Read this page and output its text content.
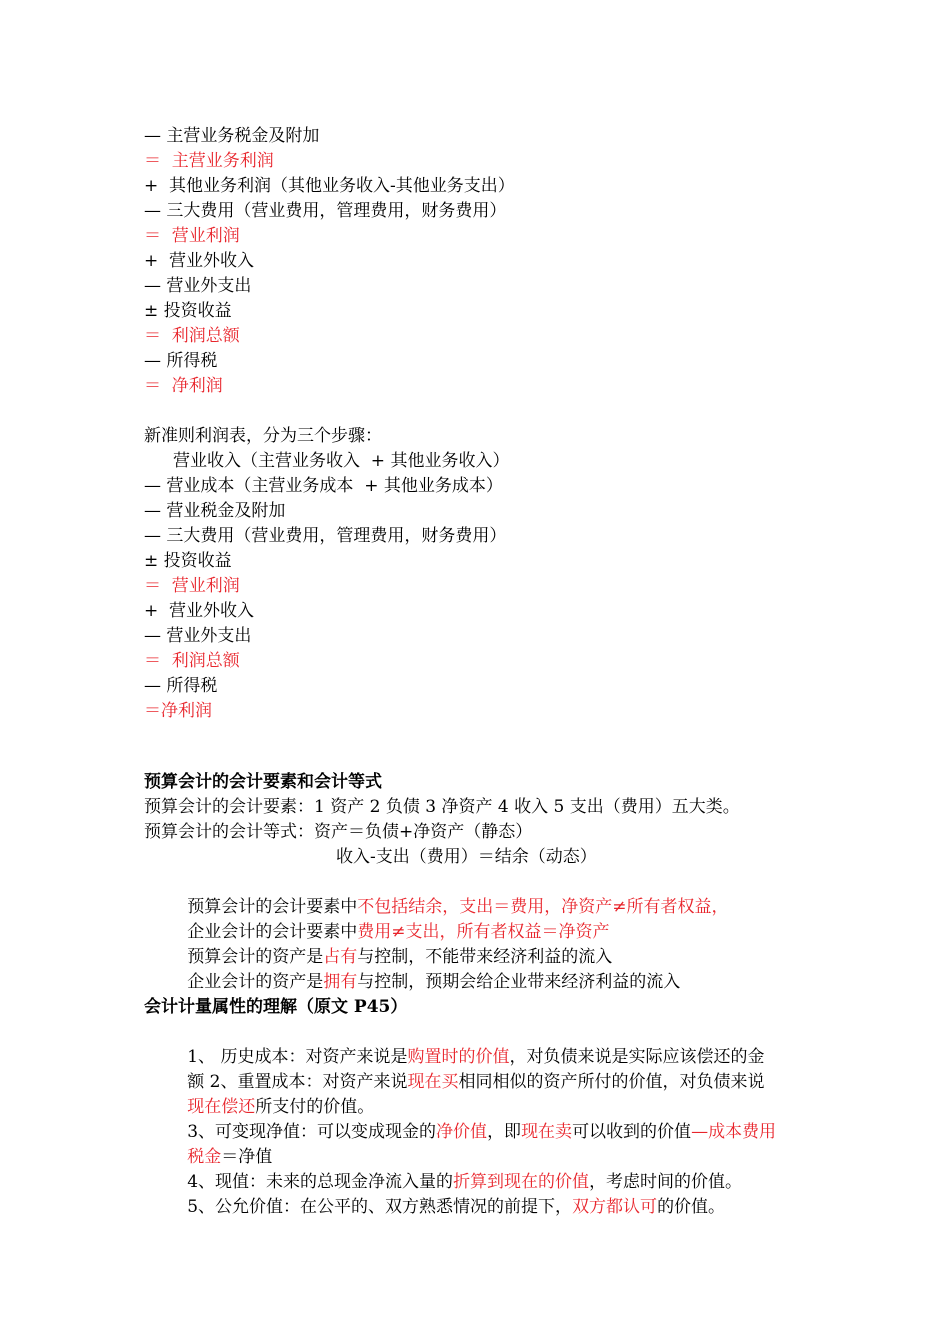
— 主营业务税金及附加
＝  主营业务利润
+  其他业务利润（其他业务收入-其他业务支出）
— 三大费用（营业费用，管理费用，财务费用）
＝  营业利润
+  营业外收入
— 营业外支出
± 投资收益
＝  利润总额
— 所得税
＝  净利润
新准则利润表，分为三个步骤：
营业收入（主营业务收入  + 其他业务收入）
— 营业成本（主营业务成本  + 其他业务成本）
— 营业税金及附加
— 三大费用（营业费用，管理费用，财务费用）
± 投资收益
＝  营业利润
+  营业外收入
— 营业外支出
＝  利润总额
— 所得税
＝净利润
预算会计的会计要素和会计等式
预算会计的会计要素：1 资产 2 负债 3 净资产 4 收入 5 支出（费用）五大类。
预算会计的会计等式：资产＝负债+净资产（静态）
收入-支出（费用）＝结余（动态）

预算会计的会计要素中不包括结余，支出＝费用，净资产≠所有者权益，

企业会计的会计要素中费用≠支出，所有者权益＝净资产

预算会计的资产是占有与控制，不能带来经济利益的流入

企业会计的资产是拥有与控制，预期会给企业带来经济利益的流入

会计计量属性的理解（原文 P45）

1、 历史成本：对资产来说是购置时的价值，对负债来说是实际应该偿还的金

额 2、重置成本：对资产来说现在买相同相似的资产所付的价值，对负债来说

现在偿还所支付的价值。

3、可变现净值：可以变成现金的净价值，即现在卖可以收到的价值—成本费用

税金＝净值

4、现值：未来的总现金净流入量的折算到现在的价值，考虑时间的价值。

5、公允价值：在公平的、双方熟悉情况的前提下，双方都认可的价值。
